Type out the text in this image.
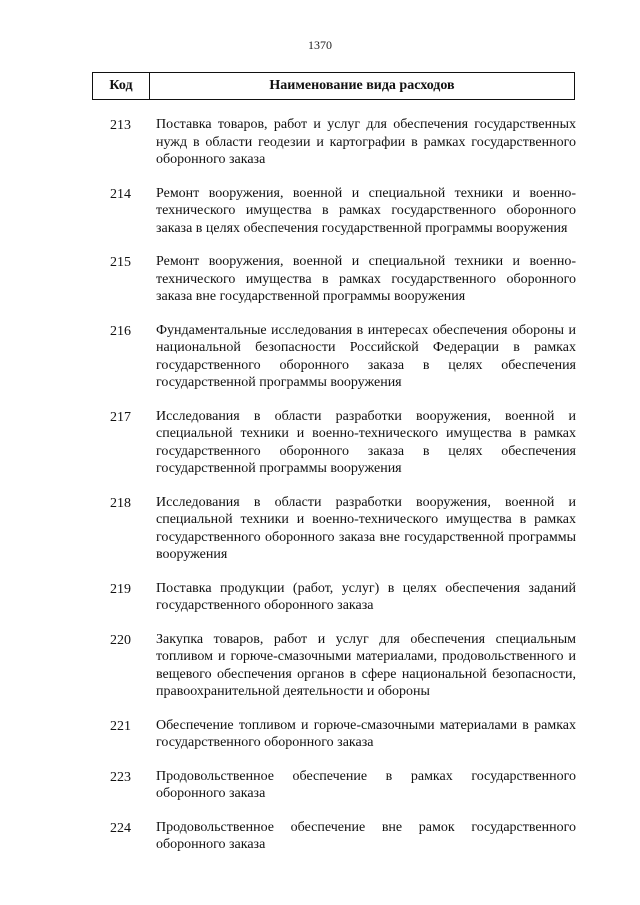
1370
Код	Наименование вида расходов
213	Поставка товаров, работ и услуг для обеспечения государственных нужд в области геодезии и картографии в рамках государственного оборонного заказа
214	Ремонт вооружения, военной и специальной техники и военно-технического имущества в рамках государственного оборонного заказа в целях обеспечения государственной программы вооружения
215	Ремонт вооружения, военной и специальной техники и военно-технического имущества в рамках государственного оборонного заказа вне государственной программы вооружения
216	Фундаментальные исследования в интересах обеспечения обороны и национальной безопасности Российской Федерации в рамках государственного оборонного заказа в целях обеспечения государственной программы вооружения
217	Исследования в области разработки вооружения, военной и специальной техники и военно-технического имущества в рамках государственного оборонного заказа в целях обеспечения государственной программы вооружения
218	Исследования в области разработки вооружения, военной и специальной техники и военно-технического имущества в рамках государственного оборонного заказа вне государственной программы вооружения
219	Поставка продукции (работ, услуг) в целях обеспечения заданий государственного оборонного заказа
220	Закупка товаров, работ и услуг для обеспечения специальным топливом и горюче-смазочными материалами, продовольственного и вещевого обеспечения органов в сфере национальной безопасности, правоохранительной деятельности и обороны
221	Обеспечение топливом и горюче-смазочными материалами в рамках государственного оборонного заказа
223	Продовольственное обеспечение в рамках государственного оборонного заказа
224	Продовольственное обеспечение вне рамок государственного оборонного заказа
